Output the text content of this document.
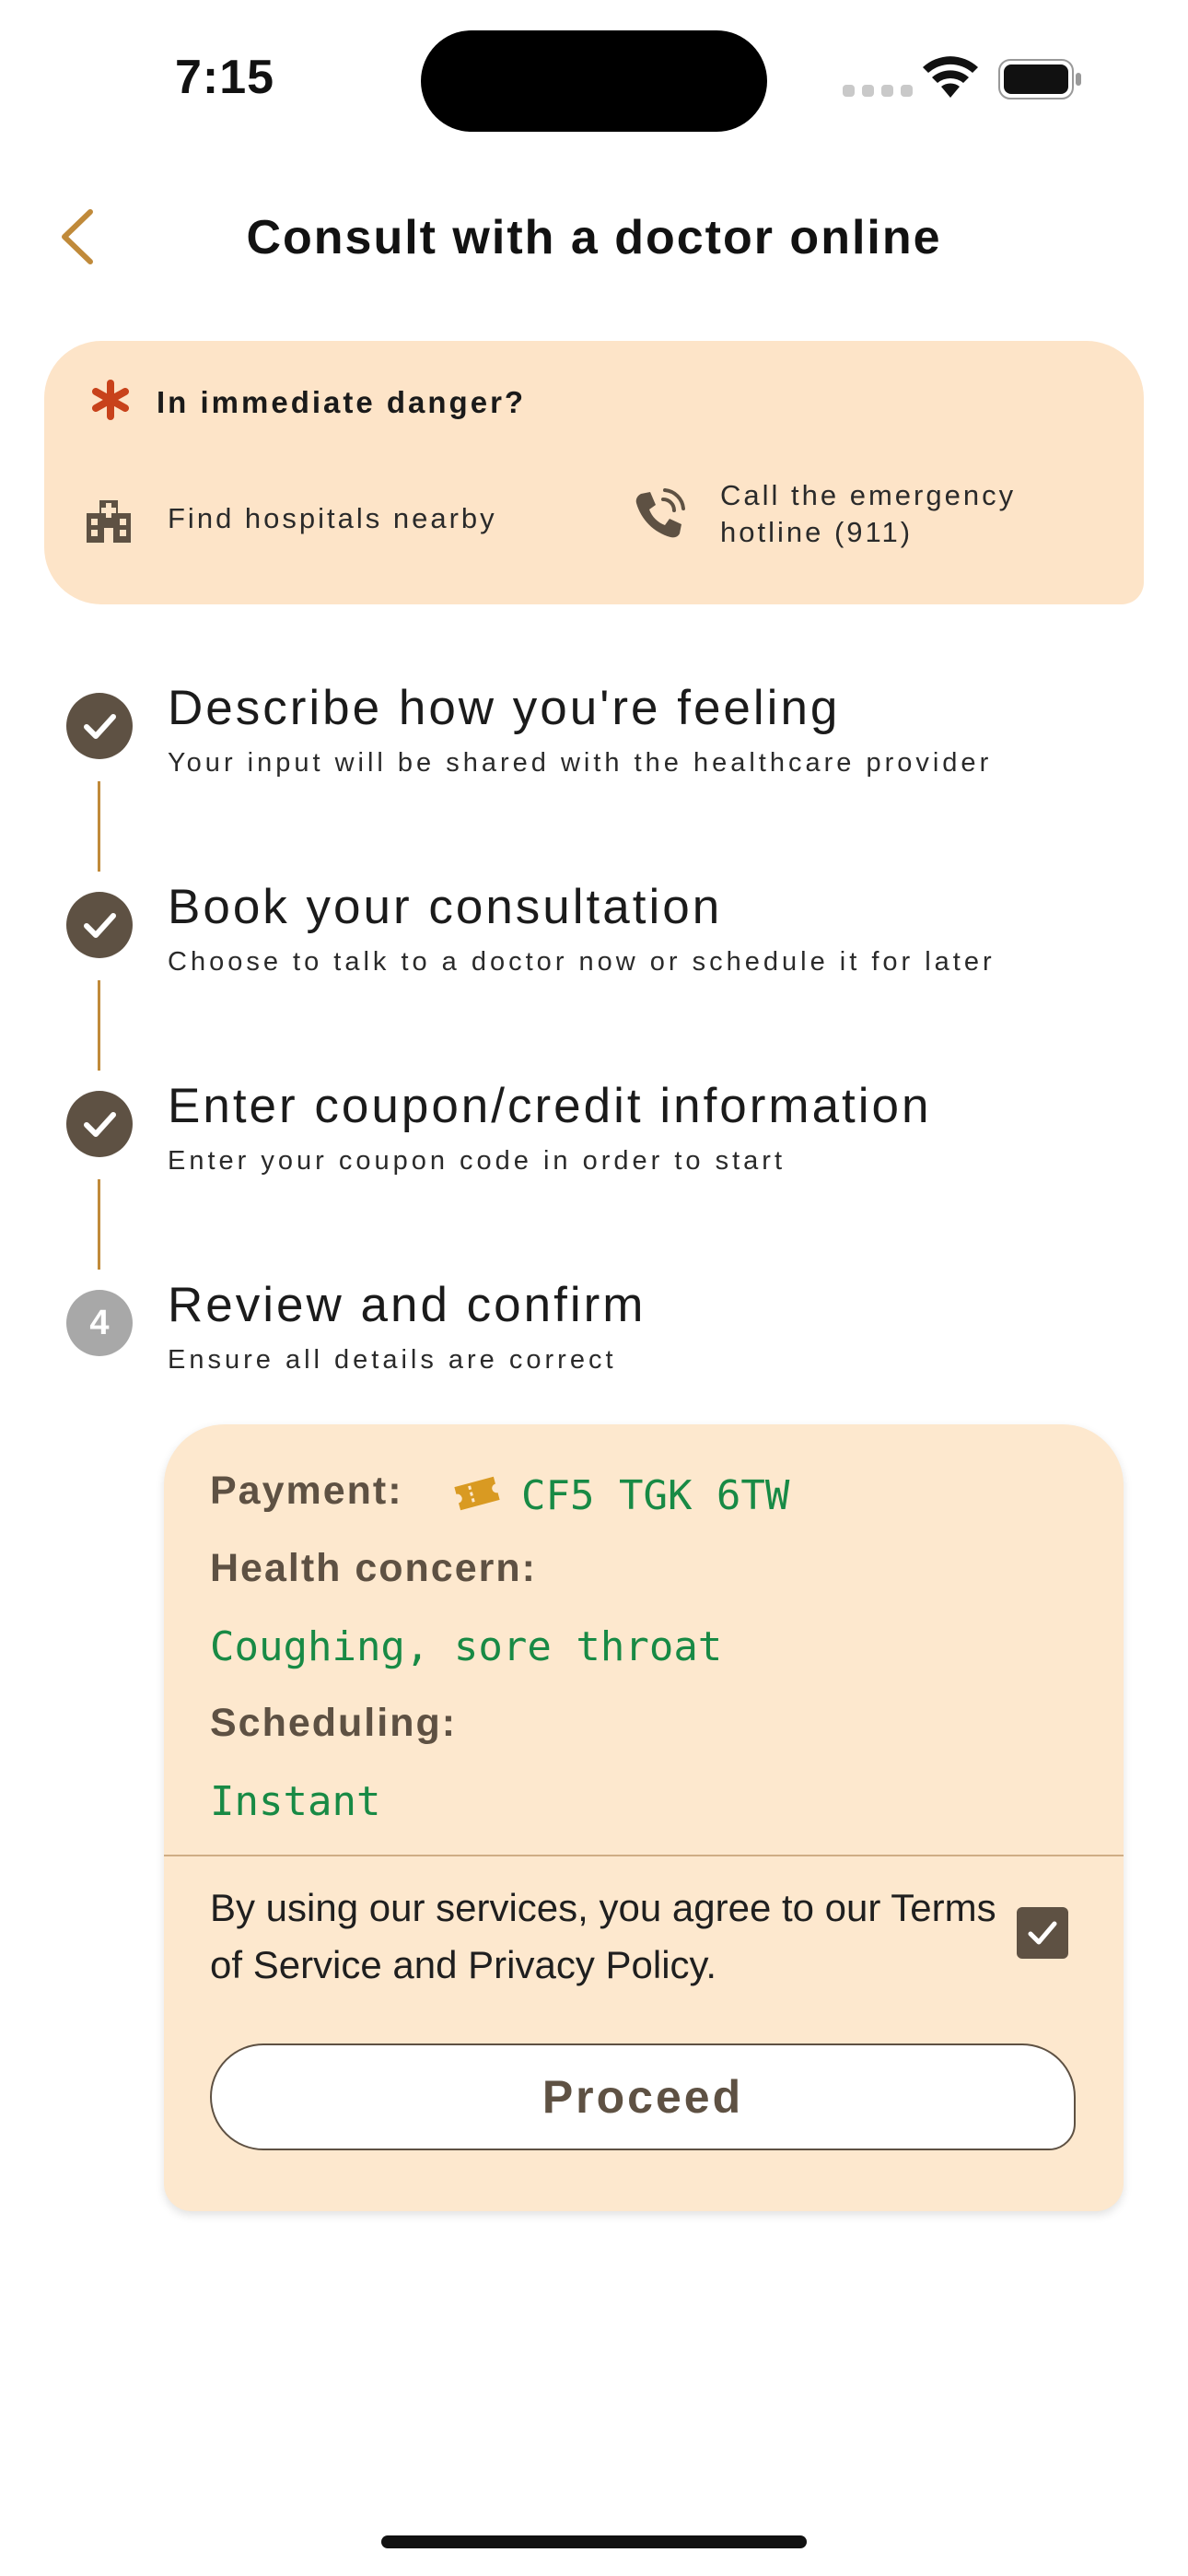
7:15
Consult with a doctor online
In immediate danger?
Find hospitals nearby
Call the emergency hotline (911)
Describe how you're feeling
Your input will be shared with the healthcare provider
Book your consultation
Choose to talk to a doctor now or schedule it for later
Enter coupon/credit information
Enter your coupon code in order to start
4 Review and confirm
Ensure all details are correct
Payment:	CF5 TGK 6TW
Health concern:
Coughing, sore throat
Scheduling:
Instant
By using our services, you agree to our Terms of Service and Privacy Policy.
Proceed
